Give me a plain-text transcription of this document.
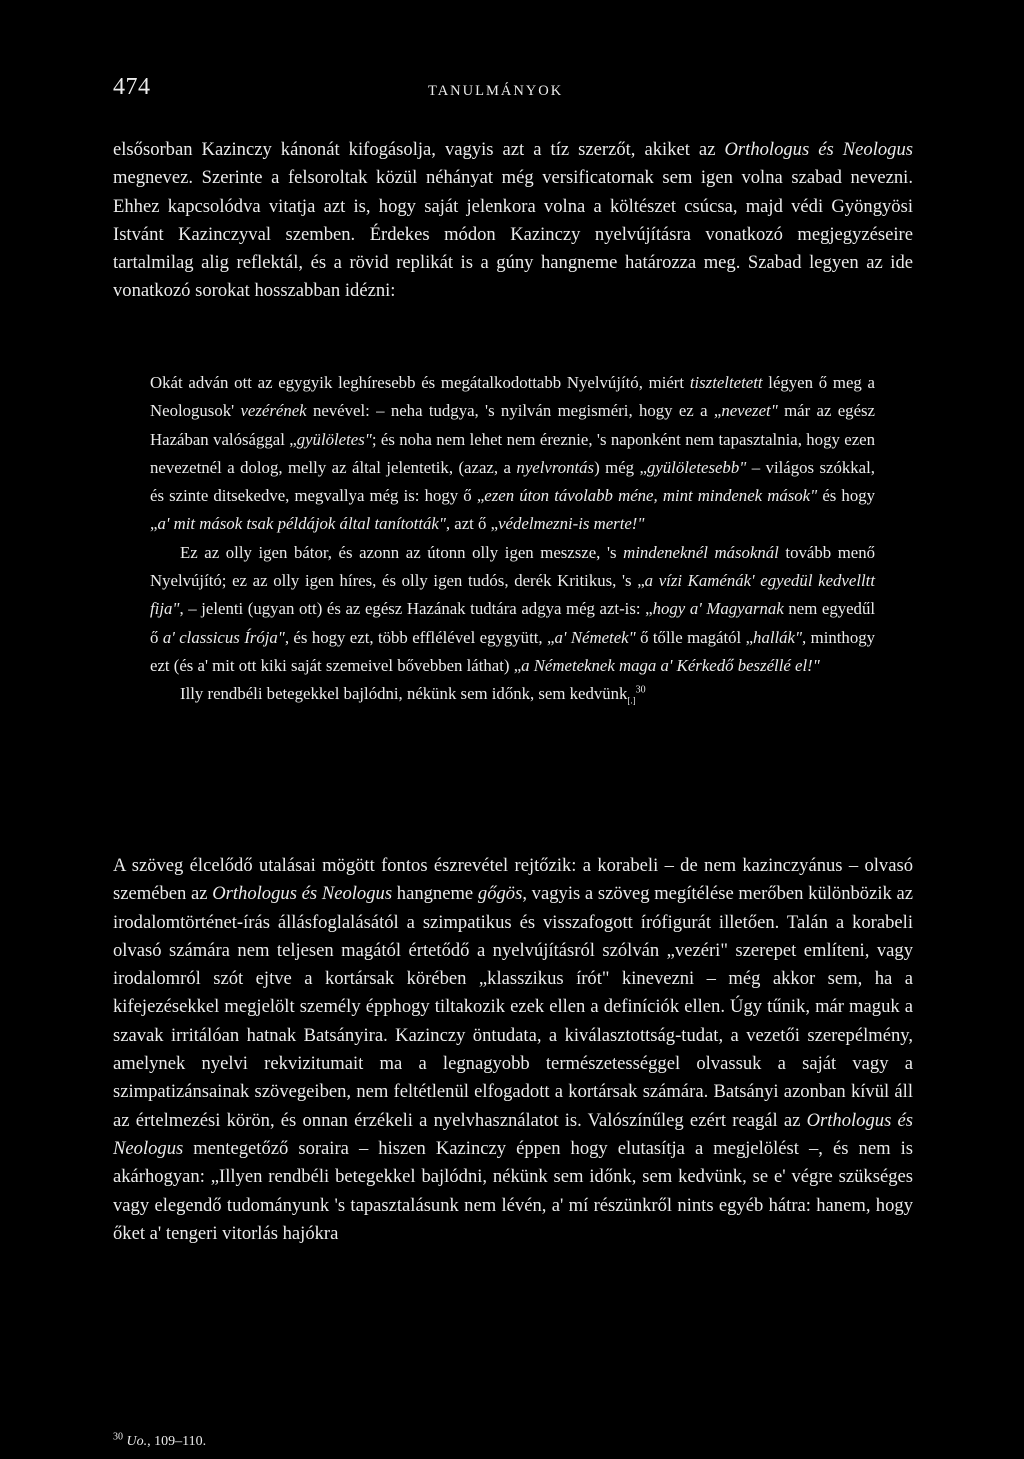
474	TANULMÁNYOK

elsősorban Kazinczy kánonát kifogásolja, vagyis azt a tíz szerzőt, akiket az Orthologus és Neologus megnevez. Szerinte a felsoroltak közül néhányat még versificatornak sem igen volna szabad nevezni. Ehhez kapcsolódva vitatja azt is, hogy saját jelenkora volna a költészet csúcsa, majd védi Gyöngyösi Istvánt Kazinczyval szemben. Érdekes módon Kazinczy nyelvújításra vonatkozó megjegyzéseire tartalmilag alig reflektál, és a rövid replikát is a gúny hangneme határozza meg. Szabad legyen az ide vonatkozó sorokat hosszabban idézni:

Okát adván ott az egygyik leghíresebb és megátalkodottabb Nyelvújító, miért tiszteltetett légyen ő meg a Neologusok' vezérének nevével: – neha tudgya, 's nyilván megisméri, hogy ez a „nevezet" már az egész Hazában valósággal „gyülöletes"; és noha nem lehet nem éreznie, 's naponként nem tapasztalnia, hogy ezen nevezetnél a dolog, melly az által jelentetik, (azaz, a nyelvrontás) még „gyülöletesebb" – világos szókkal, és szinte ditsekedve, megvallya még is: hogy ő „ezen úton távolabb méne, mint mindenek mások" és hogy „a' mit mások tsak példájok által tanították", azt ő „védelmezni-is merte!"

Ez az olly igen bátor, és azonn az útonn olly igen meszsze, 's mindeneknél másoknál tovább menő Nyelvújító; ez az olly igen híres, és olly igen tudós, derék Kritikus, 's „a vízi Kaménák' egyedül kedvelltt fija", – jelenti (ugyan ott) és az egész Hazának tudtára adgya még azt-is: „hogy a' Magyarnak nem egyedűl ő a' classicus Írója", és hogy ezt, több efflélével egygyütt, „a' Németek" ő tőlle magától „hallák", minthogy ezt (és a' mit ott kiki saját szemeivel bővebben láthat) „a Németeknek maga a' Kérkedő beszéllé el!"

Illy rendbéli betegekkel bajlódni, nékünk sem időnk, sem kedvünk$_{[.]}^{30}$

A szöveg élcelődő utalásai mögött fontos észrevétel rejtőzik: a korabeli – de nem kazinczyánus – olvasó szemében az Orthologus és Neologus hangneme gőgös, vagyis a szöveg megítélése merőben különbözik az irodalomtörténet-írás állásfoglalásától a szimpatikus és visszafogott írófigurát illetően. Talán a korabeli olvasó számára nem teljesen magától értetődő a nyelvújításról szólván „vezéri" szerepet említeni, vagy irodalomról szót ejtve a kortársak körében „klasszikus írót" kinevezni – még akkor sem, ha a kifejezésekkel megjelölt személy épphogy tiltakozik ezek ellen a definíciók ellen. Úgy tűnik, már maguk a szavak irritálóan hatnak Batsányira. Kazinczy öntudata, a kiválasztottság-tudat, a vezetői szerepélmény, amelynek nyelvi rekvizitumait ma a legnagyobb természetességgel olvassuk a saját vagy a szimpatizánsainak szövegeiben, nem feltétlenül elfogadott a kortársak számára. Batsányi azonban kívül áll az értelmezési körön, és onnan érzékeli a nyelvhasználatot is. Valószínűleg ezért reagál az Orthologus és Neologus mentegetőző soraira – hiszen Kazinczy éppen hogy elutasítja a megjelölést –, és nem is akárhogyan: „Illyen rendbéli betegekkel bajlódni, nékünk sem időnk, sem kedvünk, se e' végre szükséges vagy elegendő tudományunk 's tapasztalásunk nem lévén, a' mí részünkről nints egyéb hátra: hanem, hogy őket a' tengeri vitorlás hajókra

$^{30}$ Uo., 109–110.
